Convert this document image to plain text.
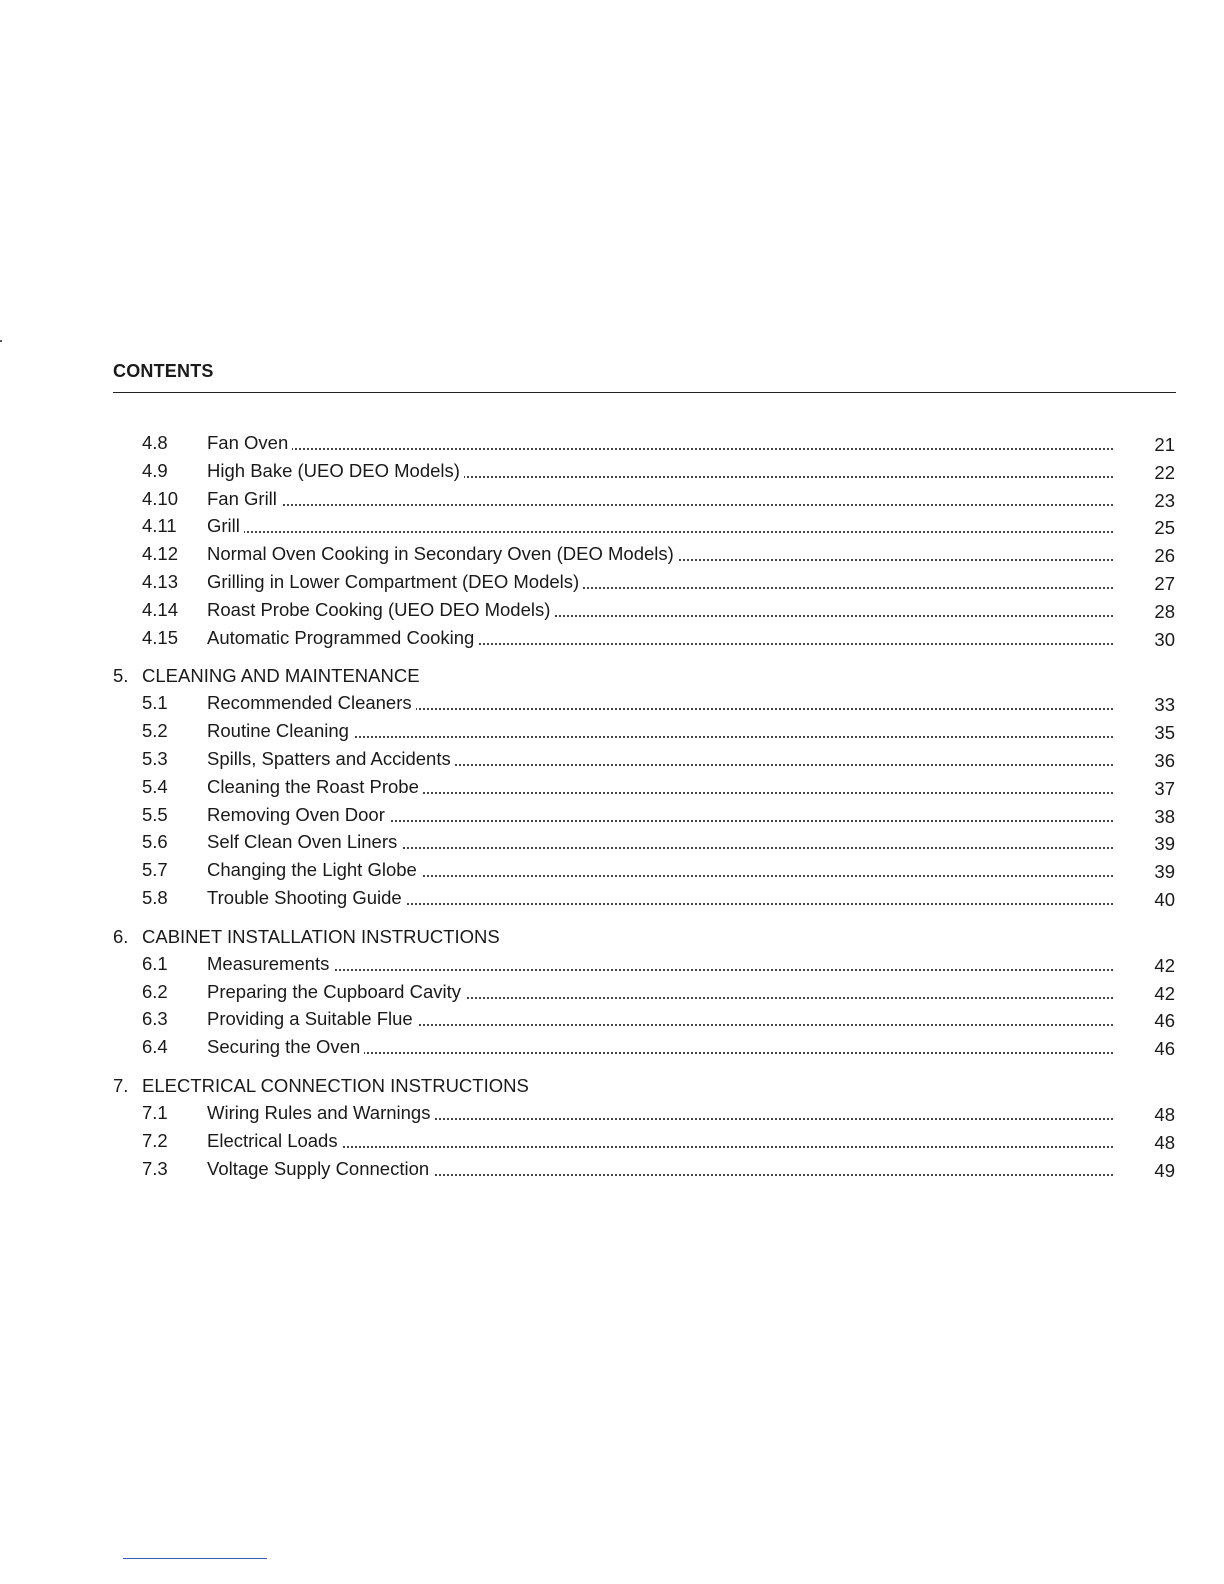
CONTENTS
4.8 Fan Oven	21
4.9 High Bake (UEO DEO Models)	22
4.10 Fan Grill	23
4.11 Grill	25
4.12 Normal Oven Cooking in Secondary Oven (DEO Models)	26
4.13 Grilling in Lower Compartment (DEO Models)	27
4.14 Roast Probe Cooking (UEO DEO Models)	28
4.15 Automatic Programmed Cooking	30
5. CLEANING AND MAINTENANCE
5.1 Recommended Cleaners	33
5.2 Routine Cleaning	35
5.3 Spills, Spatters and Accidents	36
5.4 Cleaning the Roast Probe	37
5.5 Removing Oven Door	38
5.6 Self Clean Oven Liners	39
5.7 Changing the Light Globe	39
5.8 Trouble Shooting Guide	40
6. CABINET INSTALLATION INSTRUCTIONS
6.1 Measurements	42
6.2 Preparing the Cupboard Cavity	42
6.3 Providing a Suitable Flue	46
6.4 Securing the Oven	46
7. ELECTRICAL CONNECTION INSTRUCTIONS
7.1 Wiring Rules and Warnings	48
7.2 Electrical Loads	48
7.3 Voltage Supply Connection	49
